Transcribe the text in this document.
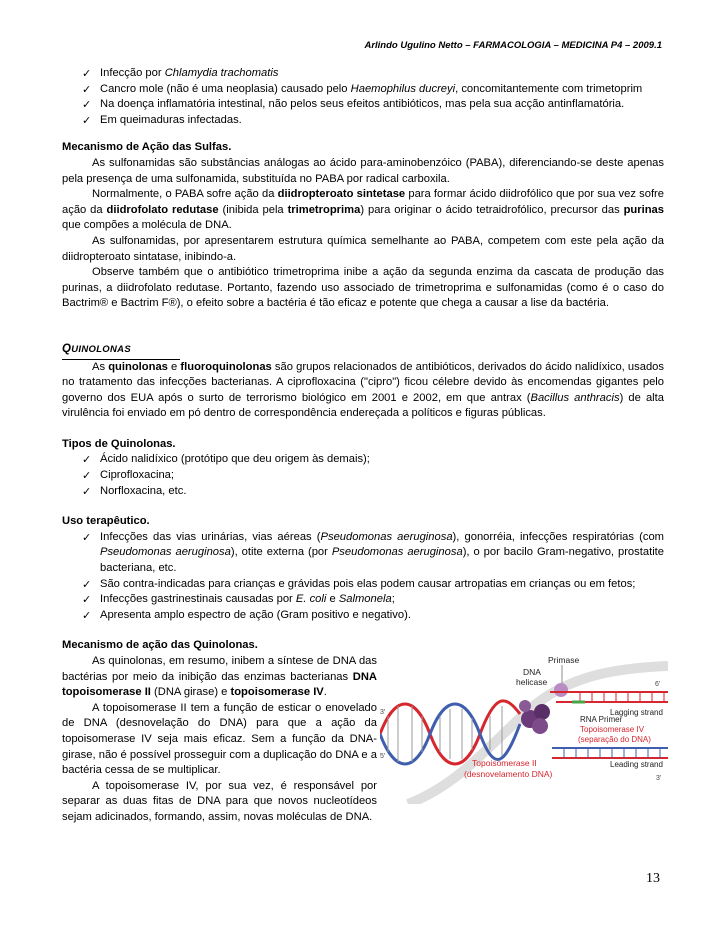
Arlindo Ugulino Netto – FARMACOLOGIA – MEDICINA P4 – 2009.1
✓ Infecção por Chlamydia trachomatis
✓ Cancro mole (não é uma neoplasia) causado pelo Haemophilus ducreyi, concomitantemente com trimetoprim
✓ Na doença inflamatória intestinal, não pelos seus efeitos antibióticos, mas pela sua acção antinflamatória.
✓ Em queimaduras infectadas.

Mecanismo de Ação das Sulfas.

As sulfonamidas são substâncias análogas ao ácido para-aminobenzóico (PABA), diferenciando-se deste apenas pela presença de uma sulfonamida, substituída no PABA por radical carboxila.

Normalmente, o PABA sofre ação da diidropteroato sintetase para formar ácido diidrofólico que por sua vez sofre ação da diidrofolato redutase (inibida pela trimetroprima) para originar o ácido tetraidrofólico, precursor das purinas que compões a molécula de DNA.

As sulfonamidas, por apresentarem estrutura química semelhante ao PABA, competem com este pela ação da diidropteroato sintatase, inibindo-a.

Observe também que o antibiótico trimetroprima inibe a ação da segunda enzima da cascata de produção das purinas, a diidrofolato redutase. Portanto, fazendo uso associado de trimetroprima e sulfonamidas (como é o caso do Bactrim® e Bactrim F®), o efeito sobre a bactéria é tão eficaz e potente que chega a causar a lise da bactéria.

QUINOLONAS

As quinolonas e fluoroquinolonas são grupos relacionados de antibióticos, derivados do ácido nalidíxico, usados no tratamento das infecções bacterianas. A ciprofloxacina ("cipro") ficou célebre devido às encomendas gigantes pelo governo dos EUA após o surto de terrorismo biológico em 2001 e 2002, em que antrax (Bacillus anthracis) de alta virulência foi enviado em pó dentro de correspondência endereçada a políticos e figuras públicas.

Tipos de Quinolonas.

✓ Ácido nalidíxico (protótipo que deu origem às demais);
✓ Ciprofloxacina;
✓ Norfloxacina, etc.

Uso terapêutico.

✓ Infecções das vias urinárias, vias aéreas (Pseudomonas aeruginosa), gonorréia, infecções respiratórias (com Pseudomonas aeruginosa), otite externa (por Pseudomonas aeruginosa), o por bacilo Gram-negativo, prostatite bacteriana, etc.
✓ São contra-indicadas para crianças e grávidas pois elas podem causar artropatias em crianças ou em fetos;
✓ Infecções gastrinestinais causadas por E. coli e Salmonela;
✓ Apresenta amplo espectro de ação (Gram positivo e negativo).

Mecanismo de ação das Quinolonas.

As quinolonas, em resumo, inibem a síntese de DNA das bactérias por meio da inibição das enzimas bacterianas DNA topoisomerase II (DNA girase) e topoisomerase IV.

A topoisomerase II tem a função de esticar o enovelado de DNA (desnovelação do DNA) para que a ação da topoisomerase IV seja mais eficaz. Sem a função da DNA-girase, não é possível prosseguir com a duplicação do DNA e a bactéria cessa de se multiplicar.

A topoisomerase IV, por sua vez, é responsável por separar as duas fitas de DNA para que novos nucleotídeos sejam adicinados, formando, assim, novas moléculas de DNA.

Primase
DNA
helicase
Lagging strand
RNA Primer
Topoisomerase IV
(separação do DNA)
Leading strand
Topoisomerase II
(desnovelamento DNA)
6'
3'
5'
3'
13
